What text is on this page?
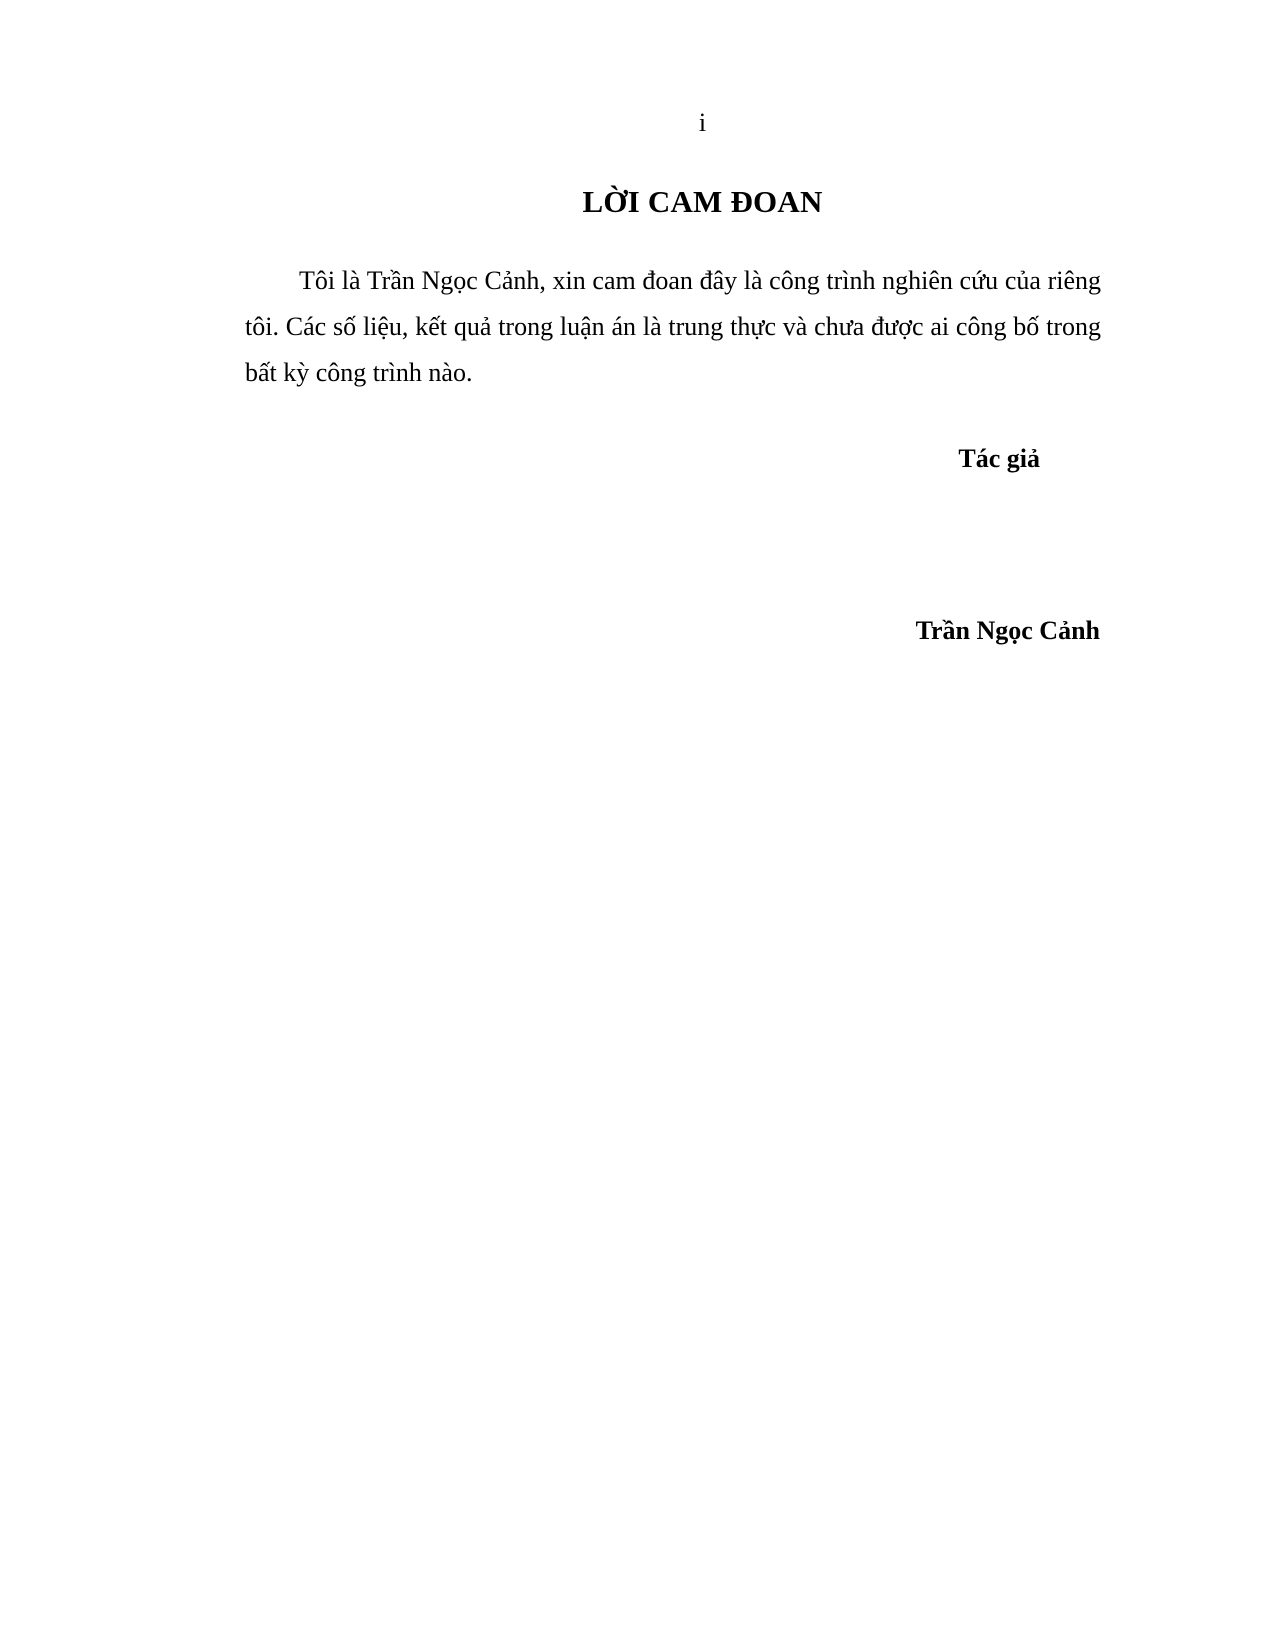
i
LỜI CAM ĐOAN

Tôi là Trần Ngọc Cảnh, xin cam đoan đây là công trình nghiên cứu của riêng tôi. Các số liệu, kết quả trong luận án là trung thực và chưa được ai công bố trong bất kỳ công trình nào.

Tác giả
Trần Ngọc Cảnh
